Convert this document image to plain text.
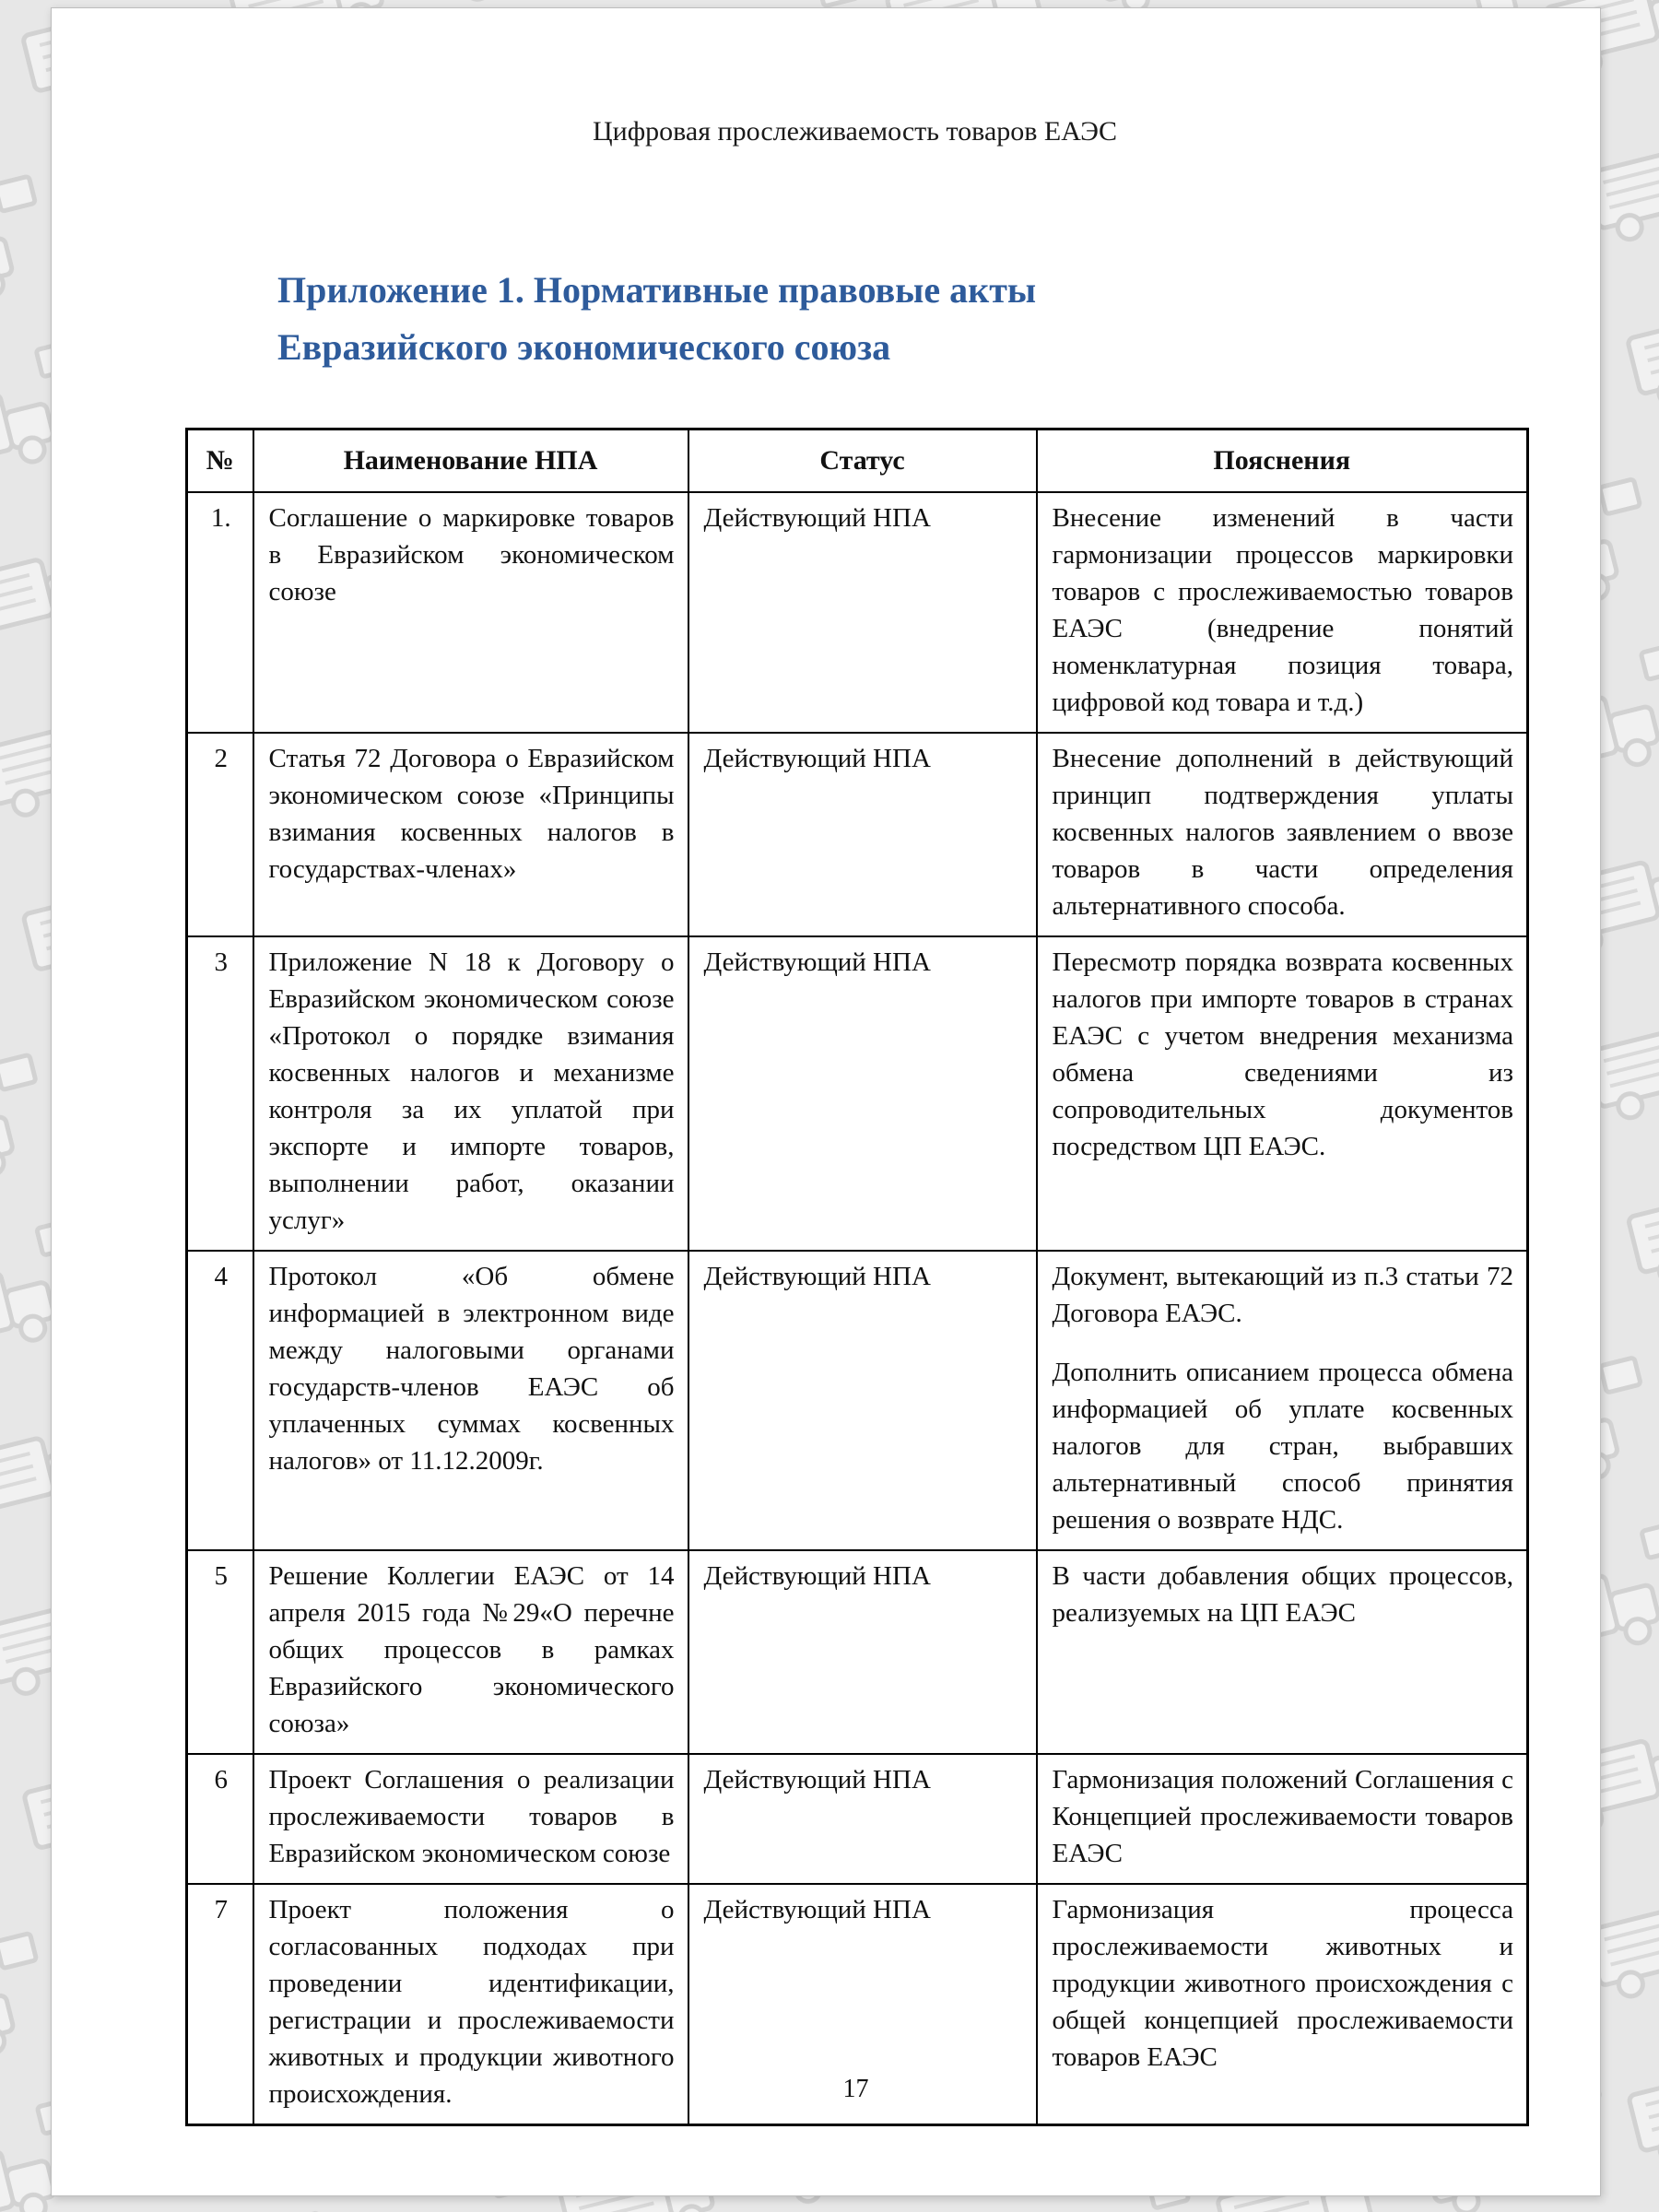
Цифровая прослеживаемость товаров ЕАЭС
Приложение 1. Нормативные правовые акты Евразийского экономического союза
№	Наименование НПА	Статус	Пояснения
1.	Соглашение о маркировке товаров в Евразийском экономическом союзе	Действующий НПА	Внесение изменений в части гармонизации процессов маркировки товаров с прослеживаемостью товаров ЕАЭС (внедрение понятий номенклатурная позиция товара, цифровой код товара и т.д.)

2	Статья 72 Договора о Евразийском экономическом союзе «Принципы взимания косвенных налогов в государствах-членах»	Действующий НПА	Внесение дополнений в действующий принцип подтверждения уплаты косвенных налогов заявлением о ввозе товаров в части определения альтернативного способа.

3	Приложение N 18 к Договору о Евразийском экономическом союзе «Протокол о порядке взимания косвенных налогов и механизме контроля за их уплатой при экспорте и импорте товаров, выполнении работ, оказании услуг»	Действующий НПА	Пересмотр порядка возврата косвенных налогов при импорте товаров в странах ЕАЭС с учетом внедрения механизма обмена сведениями из сопроводительных документов посредством ЦП ЕАЭС.

4	Протокол «Об обмене информацией в электронном виде между налоговыми органами государств-членов ЕАЭС об уплаченных суммах косвенных налогов» от 11.12.2009г.	Действующий НПА	Документ, вытекающий из п.3 статьи 72 Договора ЕАЭС.

Дополнить описанием процесса обмена информацией об уплате косвенных налогов для стран, выбравших альтернативный способ принятия решения о возврате НДС.

5	Решение Коллегии ЕАЭС от 14 апреля 2015 года №29«О перечне общих процессов в рамках Евразийского экономического союза»	Действующий НПА	В части добавления общих процессов, реализуемых на ЦП ЕАЭС

6	Проект Соглашения о реализации прослеживаемости товаров в Евразийском экономическом союзе	Действующий НПА	Гармонизация положений Соглашения с Концепцией прослеживаемости товаров ЕАЭС

7	Проект положения о согласованных подходах при проведении идентификации, регистрации и прослеживаемости животных и продукции животного происхождения.	Действующий НПА	Гармонизация процесса прослеживаемости животных и продукции животного происхождения с общей концепцией прослеживаемости товаров ЕАЭС

17
